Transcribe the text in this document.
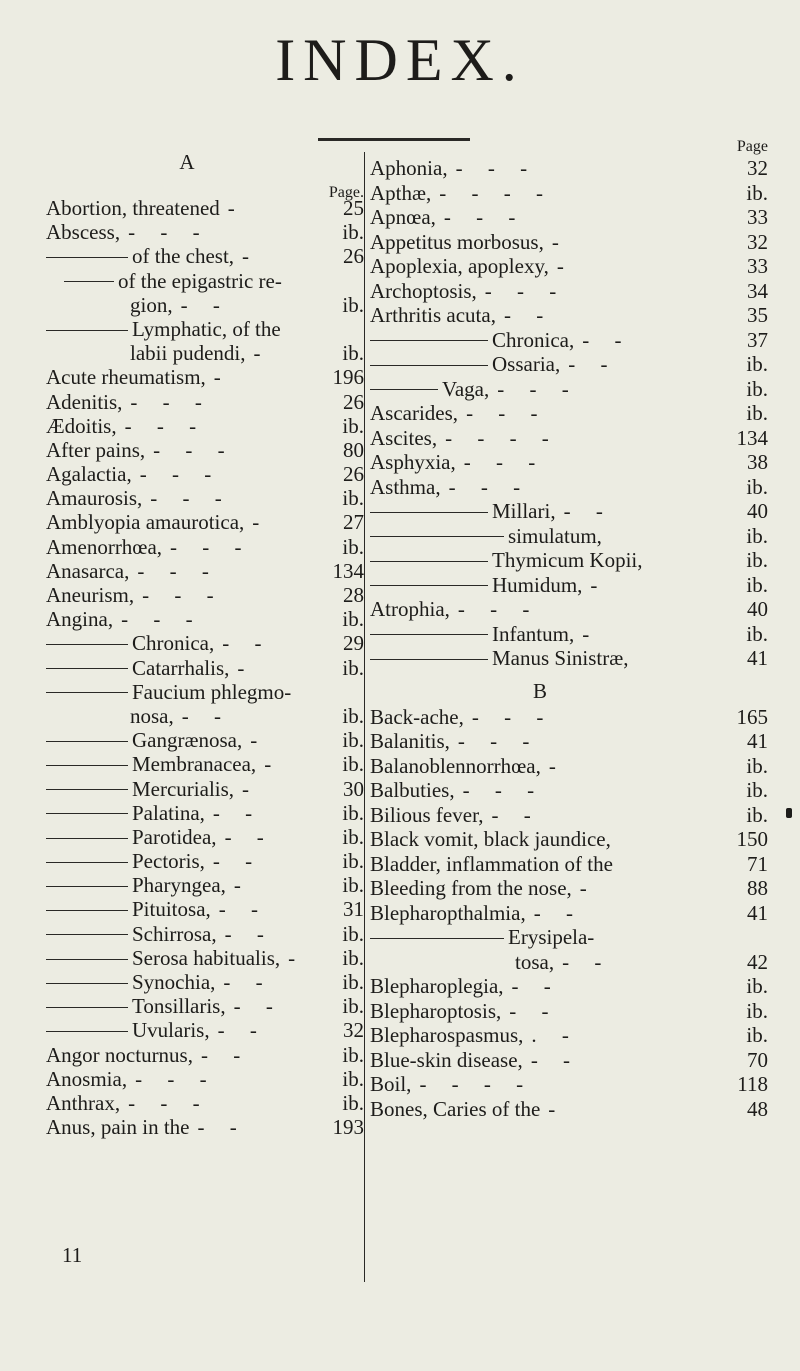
INDEX.
A
Page.
Abortion, threatened -	25
Abscess, - - -	ib.
of the chest, -	26
of the epigastric re-
gion, - -	ib.
Lymphatic, of the
labii pudendi, -	ib.
Acute rheumatism, -	196
Adenitis, - - -	26
Ædoitis, - - -	ib.
After pains, - - -	80
Agalactia, - - -	26
Amaurosis, - - -	ib.
Amblyopia amaurotica, -	27
Amenorrhœa, - - -	ib.
Anasarca, - - -	134
Aneurism, - - -	28
Angina, - - -	ib.
Chronica, - -	29
Catarrhalis, -	ib.
Faucium phlegmo-
nosa, - -	ib.
Gangrænosa, -	ib.
Membranacea, -	ib.
Mercurialis, -	30
Palatina, - -	ib.
Parotidea, - -	ib.
Pectoris, - -	ib.
Pharyngea, -	ib.
Pituitosa, - -	31
Schirrosa, - -	ib.
Serosa habitualis, - ib.
Synochia, - -	ib.
Tonsillaris, - -	ib.
Uvularis, - -	32
Angor nocturnus, - -	ib.
Anosmia, - - -	ib.
Anthrax, - - -	ib.
Anus, pain in the - -	193
Page
Aphonia, - - -	32
Apthæ, - - - -	ib.
Apnœa, - - -	33
Appetitus morbosus, -	32
Apoplexia, apoplexy, -	33
Archoptosis, - - -	34
Arthritis acuta, - -	35
Chronica, - -	37
Ossaria, - -	ib.
Vaga, - - -	ib.
Ascarides, - - -	ib.
Ascites, - - - -	134
Asphyxia, - - -	38
Asthma, - - -	ib.
Millari, - -	40
simulatum,	ib.
Thymicum Kopii,	ib.
Humidum, -	ib.
Atrophia, - - -	40
Infantum, -	ib.
Manus Sinistræ,	41
B
Back-ache, - - -	165
Balanitis, - - -	41
Balanoblennorrhœa, -	ib.
Balbuties, - - -	ib.
Bilious fever, - -	ib.
Black vomit, black jaundice,	150
Bladder, inflammation of the	71
Bleeding from the nose, -	88
Blepharopthalmia, - -	41
Erysipela-
tosa, - -	42
Blepharoplegia, - -	ib.
Blepharoptosis, - -	ib.
Blepharospasmus, . -	ib.
Blue-skin disease, - -	70
Boil, - - - -	118
Bones, Caries of the -	48
11
